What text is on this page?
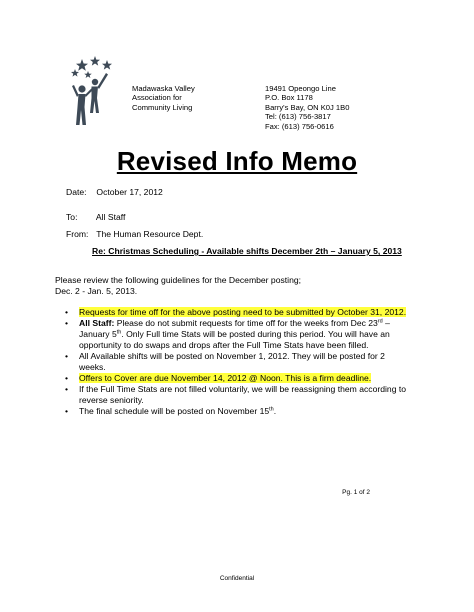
Madawaska Valley
Association for
Community Living
19491 Opeongo Line
P.O. Box 1178
Barry's Bay, ON K0J 1B0
Tel: (613) 756-3817
Fax: (613) 756-0616
Revised Info Memo
Date: October 17, 2012
To: All Staff
From: The Human Resource Dept.
Re: Christmas Scheduling - Available shifts December 2th – January 5, 2013
Please review the following guidelines for the December posting;
Dec. 2 - Jan. 5, 2013.
• Requests for time off for the above posting need to be submitted by October 31, 2012.
• All Staff: Please do not submit requests for time off for the weeks from Dec 23rd – January 5th. Only Full time Stats will be posted during this period. You will have an opportunity to do swaps and drops after the Full Time Stats have been filled.
• All Available shifts will be posted on November 1, 2012. They will be posted for 2 weeks.
• Offers to Cover are due November 14, 2012 @ Noon. This is a firm deadline.
• If the Full Time Stats are not filled voluntarily, we will be reassigning them according to reverse seniority.
• The final schedule will be posted on November 15th.
Pg. 1 of 2
Confidential
